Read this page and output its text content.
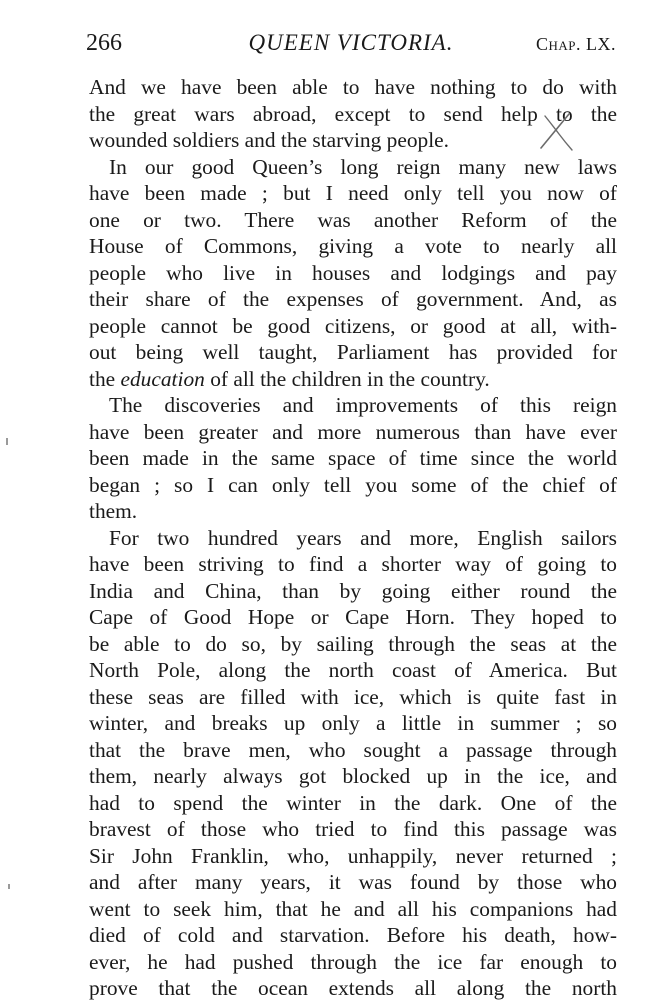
266	QUEEN VICTORIA.	Chap. LX.
And we have been able to have nothing to do with
the great wars abroad, except to send help to the
wounded soldiers and the starving people.
In our good Queen’s long reign many new laws
have been made ; but I need only tell you now of
one or two. There was another Reform of the
House of Commons, giving a vote to nearly all
people who live in houses and lodgings and pay
their share of the expenses of government. And, as
people cannot be good citizens, or good at all, with-
out being well taught, Parliament has provided for
the education of all the children in the country.
The discoveries and improvements of this reign
have been greater and more numerous than have ever
been made in the same space of time since the world
began ; so I can only tell you some of the chief of
them.
For two hundred years and more, English sailors
have been striving to find a shorter way of going to
India and China, than by going either round the
Cape of Good Hope or Cape Horn. They hoped to
be able to do so, by sailing through the seas at the
North Pole, along the north coast of America. But
these seas are filled with ice, which is quite fast in
winter, and breaks up only a little in summer ; so
that the brave men, who sought a passage through
them, nearly always got blocked up in the ice, and
had to spend the winter in the dark. One of the
bravest of those who tried to find this passage was
Sir John Franklin, who, unhappily, never returned ;
and after many years, it was found by those who
went to seek him, that he and all his companions had
died of cold and starvation. Before his death, how-
ever, he had pushed through the ice far enough to
prove that the ocean extends all along the north
